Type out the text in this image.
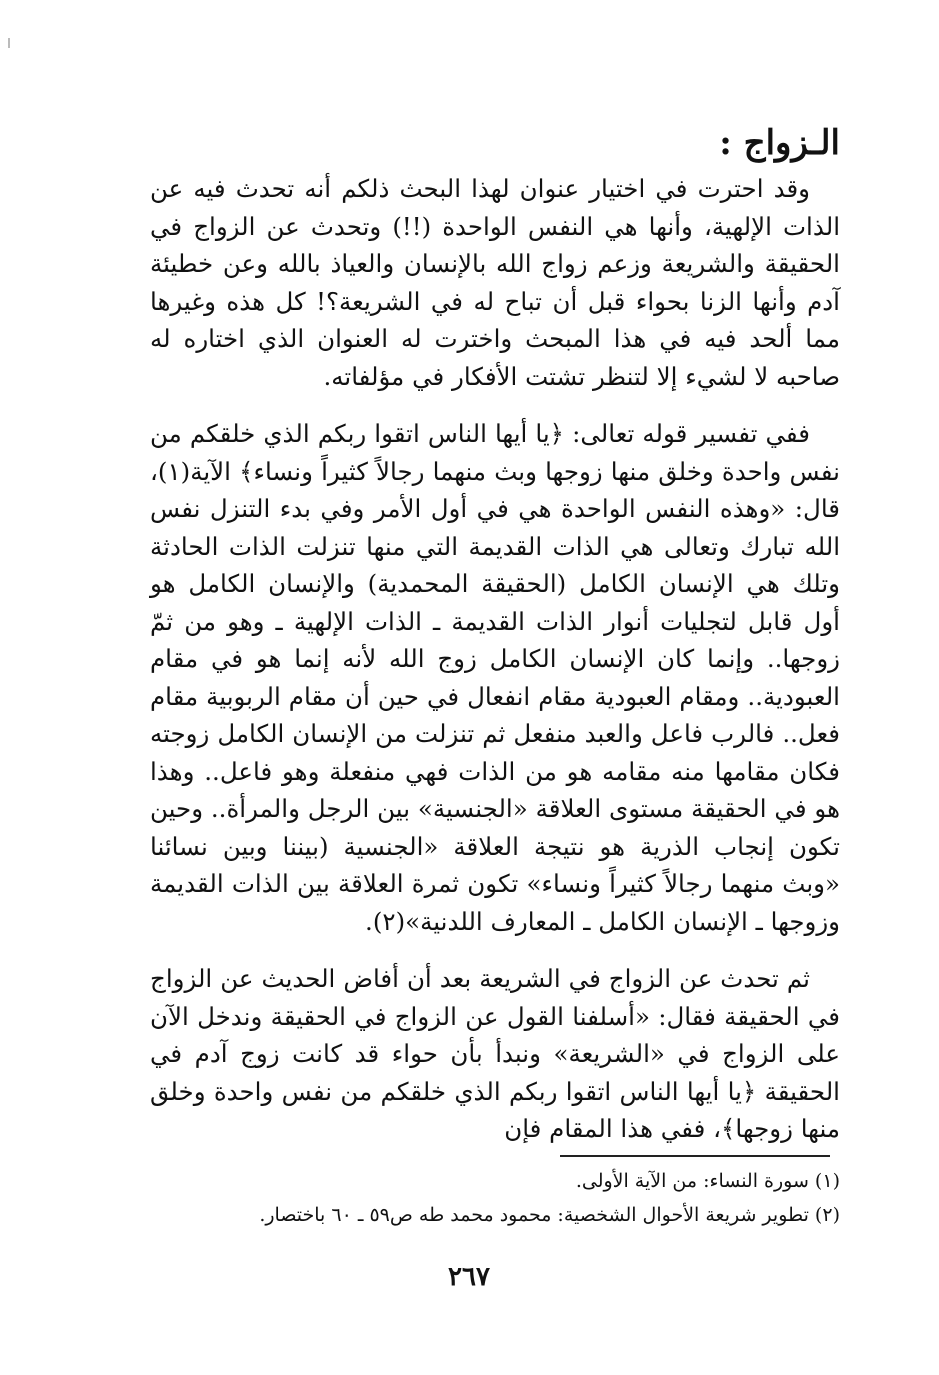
الـزواج :

وقد احترت في اختيار عنوان لهذا البحث ذلكم أنه تحدث فيه عن الذات الإلهية، وأنها هي النفس الواحدة (!!) وتحدث عن الزواج في الحقيقة والشريعة وزعم زواج الله بالإنسان والعياذ بالله وعن خطيئة آدم وأنها الزنا بحواء قبل أن تباح له في الشريعة؟! كل هذه وغيرها مما ألحد فيه في هذا المبحث واخترت له العنوان الذي اختاره له صاحبه لا لشيء إلا لتنظر تشتت الأفكار في مؤلفاته.

ففي تفسير قوله تعالى: ﴿يا أيها الناس اتقوا ربكم الذي خلقكم من نفس واحدة وخلق منها زوجها وبث منهما رجالاً كثيراً ونساء﴾ الآية(١)، قال: «وهذه النفس الواحدة هي في أول الأمر وفي بدء التنزل نفس الله تبارك وتعالى هي الذات القديمة التي منها تنزلت الذات الحادثة وتلك هي الإنسان الكامل (الحقيقة المحمدية) والإنسان الكامل هو أول قابل لتجليات أنوار الذات القديمة ـ الذات الإلهية ـ وهو من ثمّ زوجها.. وإنما كان الإنسان الكامل زوج الله لأنه إنما هو في مقام العبودية.. ومقام العبودية مقام انفعال في حين أن مقام الربوبية مقام فعل.. فالرب فاعل والعبد منفعل ثم تنزلت من الإنسان الكامل زوجته فكان مقامها منه مقامه هو من الذات فهي منفعلة وهو فاعل.. وهذا هو في الحقيقة مستوى العلاقة «الجنسية» بين الرجل والمرأة.. وحين تكون إنجاب الذرية هو نتيجة العلاقة «الجنسية (بيننا وبين نسائنا «وبث منهما رجالاً كثيراً ونساء» تكون ثمرة العلاقة بين الذات القديمة وزوجها ـ الإنسان الكامل ـ المعارف اللدنية»(٢).

ثم تحدث عن الزواج في الشريعة بعد أن أفاض الحديث عن الزواج في الحقيقة فقال: «أسلفنا القول عن الزواج في الحقيقة وندخل الآن على الزواج في «الشريعة» ونبدأ بأن حواء قد كانت زوج آدم في الحقيقة ﴿يا أيها الناس اتقوا ربكم الذي خلقكم من نفس واحدة وخلق منها زوجها﴾، ففي هذا المقام فإن

(١) سورة النساء: من الآية الأولى.

(٢) تطوير شريعة الأحوال الشخصية: محمود محمد طه ص٥٩ ـ ٦٠ باختصار.

٢٦٧
